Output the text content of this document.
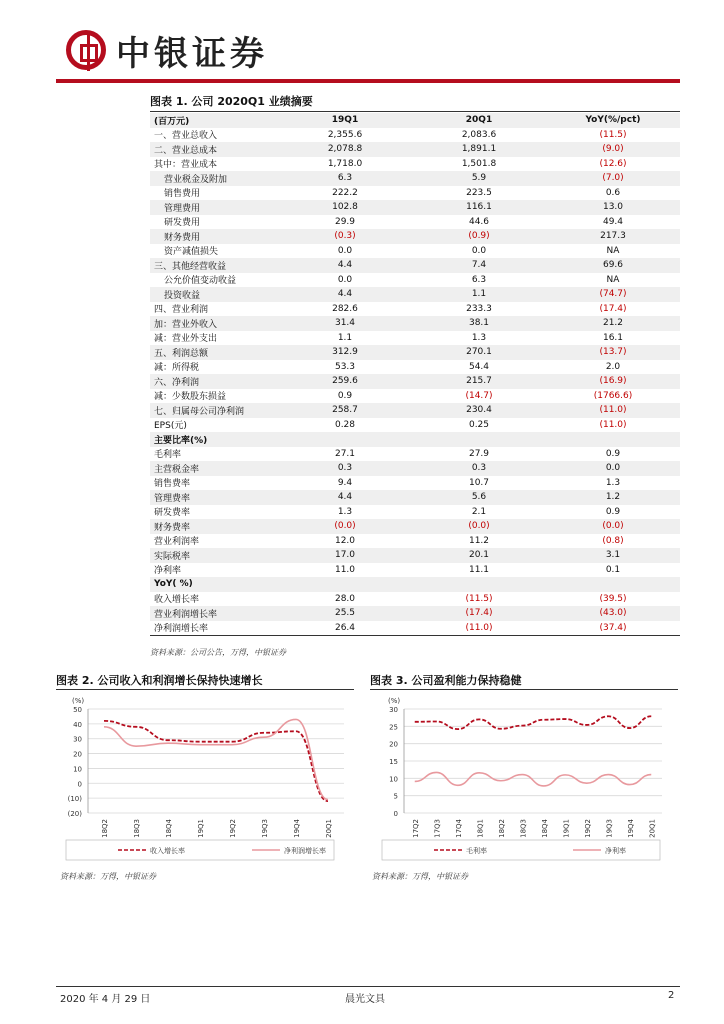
中银证券
图表 1. 公司 2020Q1 业绩摘要
(百万元)	19Q1	20Q1	YoY(%/pct)
一、营业总收入	2,355.6	2,083.6	(11.5)
二、营业总成本	2,078.8	1,891.1	(9.0)
其中：营业成本	1,718.0	1,501.8	(12.6)
营业税金及附加	6.3	5.9	(7.0)
销售费用	222.2	223.5	0.6
管理费用	102.8	116.1	13.0
研发费用	29.9	44.6	49.4
财务费用	(0.3)	(0.9)	217.3
资产减值损失	0.0	0.0	NA
三、其他经营收益	4.4	7.4	69.6
公允价值变动收益	0.0	6.3	NA
投资收益	4.4	1.1	(74.7)
四、营业利润	282.6	233.3	(17.4)
加：营业外收入	31.4	38.1	21.2
减：营业外支出	1.1	1.3	16.1
五、利润总额	312.9	270.1	(13.7)
减：所得税	53.3	54.4	2.0
六、净利润	259.6	215.7	(16.9)
减：少数股东损益	0.9	(14.7)	(1766.6)
七、归属母公司净利润	258.7	230.4	(11.0)
EPS(元)	0.28	0.25	(11.0)
主要比率(%)			
毛利率	27.1	27.9	0.9
主营税金率	0.3	0.3	0.0
销售费率	9.4	10.7	1.3
管理费率	4.4	5.6	1.2
研发费率	1.3	2.1	0.9
财务费率	(0.0)	(0.0)	(0.0)
营业利润率	12.0	11.2	(0.8)
实际税率	17.0	20.1	3.1
净利率	11.0	11.1	0.1
YoY( %)			
收入增长率	28.0	(11.5)	(39.5)
营业利润增长率	25.5	(17.4)	(43.0)
净利润增长率	26.4	(11.0)	(37.4)
资料来源：公司公告，万得，中银证券
图表 2. 公司收入和利润增长保持快速增长
(%)
50
40
30
20
10
0
(10)
(20)
18Q2	18Q3	18Q4	19Q1	19Q2	19Q3	19Q4	20Q1
收入增长率	净利润增长率
资料来源：万得，中银证券
图表 3. 公司盈利能力保持稳健
(%)
30
25
20
15
10
5
0
17Q2 17Q3 17Q4 18Q1 18Q2 18Q3 18Q4 19Q1 19Q2 19Q3 19Q4 20Q1
毛利率	净利率
资料来源：万得，中银证券
2020 年 4 月 29 日	晨光文具	2
